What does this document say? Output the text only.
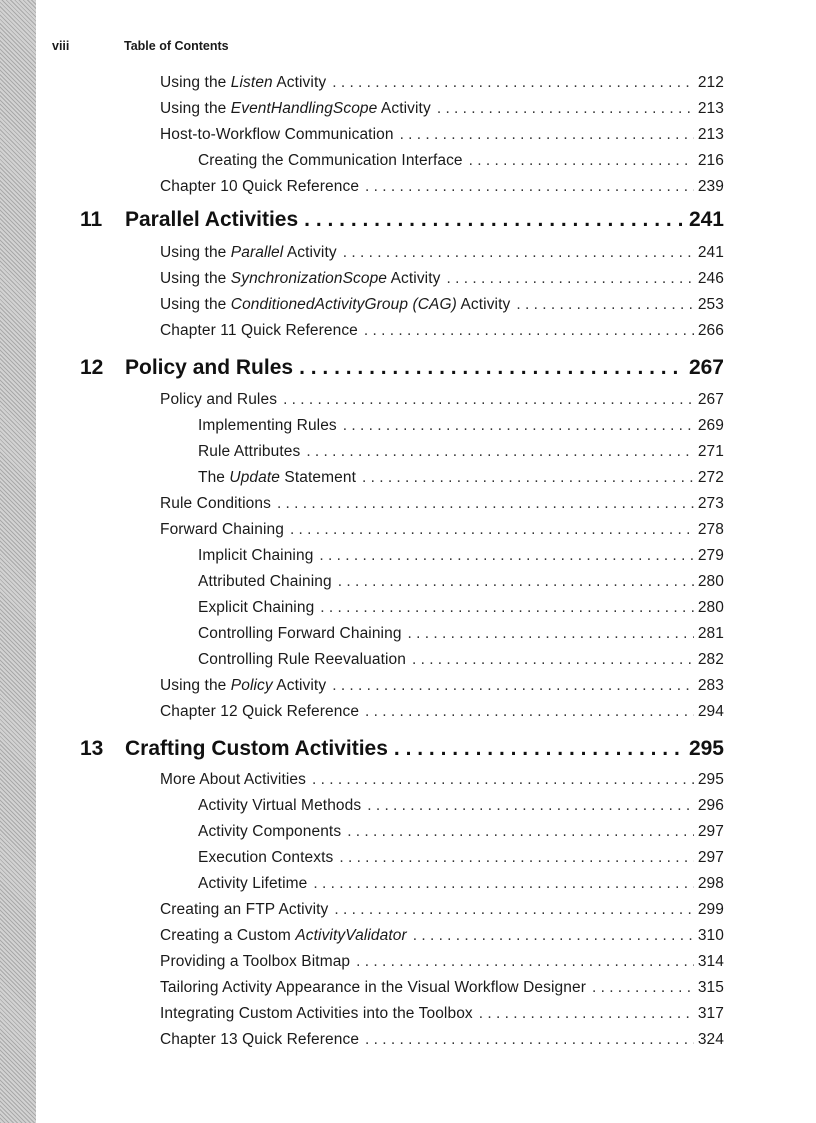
viii	Table of Contents
Using the Listen Activity . . .	212
Using the EventHandlingScope Activity . . .	213
Host-to-Workflow Communication . . .	213
Creating the Communication Interface . . .	216
Chapter 10 Quick Reference . . .	239
11	Parallel Activities . . .	241
Using the Parallel Activity . . .	241
Using the SynchronizationScope Activity . . .	246
Using the ConditionedActivityGroup (CAG) Activity . . .	253
Chapter 11 Quick Reference . . .	266
12	Policy and Rules . . .	267
Policy and Rules . . .	267
Implementing Rules . . .	269
Rule Attributes . . .	271
The Update Statement . . .	272
Rule Conditions . . .	273
Forward Chaining . . .	278
Implicit Chaining . . .	279
Attributed Chaining . . .	280
Explicit Chaining . . .	280
Controlling Forward Chaining . . .	281
Controlling Rule Reevaluation . . .	282
Using the Policy Activity . . .	283
Chapter 12 Quick Reference . . .	294
13	Crafting Custom Activities . . .	295
More About Activities . . .	295
Activity Virtual Methods . . .	296
Activity Components . . .	297
Execution Contexts . . .	297
Activity Lifetime . . .	298
Creating an FTP Activity . . .	299
Creating a Custom ActivityValidator . . .	310
Providing a Toolbox Bitmap . . .	314
Tailoring Activity Appearance in the Visual Workflow Designer . . .	315
Integrating Custom Activities into the Toolbox . . .	317
Chapter 13 Quick Reference . . .	324
